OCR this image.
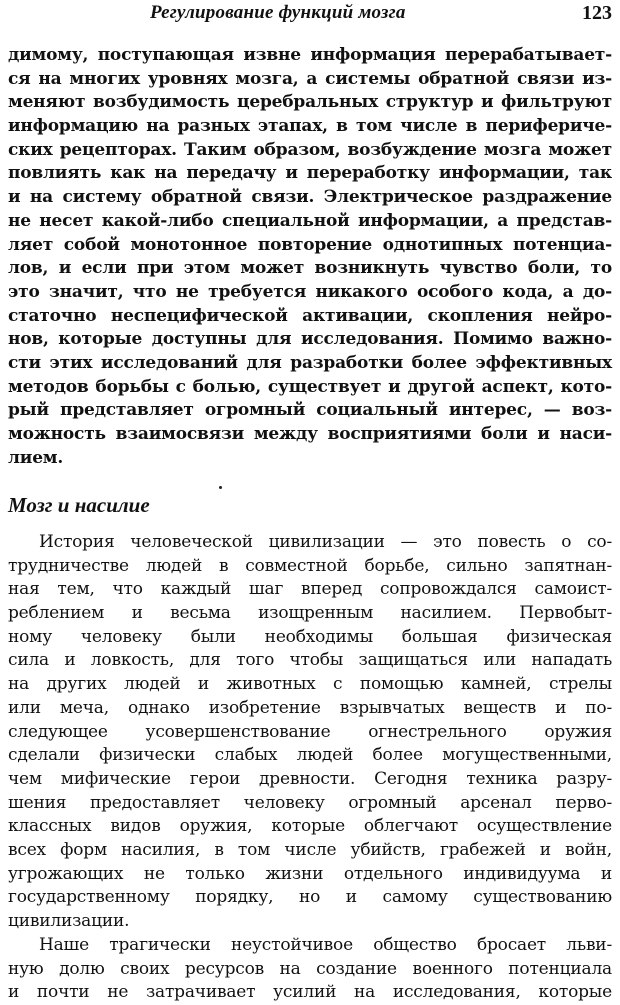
Регулирование функций мозга	123
димому, поступающая извне информация перерабатывает-
ся на многих уровнях мозга, а системы обратной связи из-
меняют возбудимость церебральных структур и фильтруют
информацию на разных этапах, в том числе в перифериче-
ских рецепторах. Таким образом, возбуждение мозга может
повлиять как на передачу и переработку информации, так
и на систему обратной связи. Электрическое раздражение
не несет какой-либо специальной информации, а представ-
ляет собой монотонное повторение однотипных потенциа-
лов, и если при этом может возникнуть чувство боли, то
это значит, что не требуется никакого особого кода, а до-
статочно неспецифической активации, скопления нейро-
нов, которые доступны для исследования. Помимо важно-
сти этих исследований для разработки более эффективных
методов борьбы с болью, существует и другой аспект, кото-
рый представляет огромный социальный интерес, — воз-
можность взаимосвязи между восприятиями боли и наси-
лием.
Мозг и насилие
История человеческой цивилизации — это повесть о со-
трудничестве людей в совместной борьбе, сильно запятнан-
ная тем, что каждый шаг вперед сопровождался самоист-
реблением и весьма изощренным насилием. Первобыт-
ному человеку были необходимы большая физическая
сила и ловкость, для того чтобы защищаться или нападать
на других людей и животных с помощью камней, стрелы
или меча, однако изобретение взрывчатых веществ и по-
следующее усовершенствование огнестрельного оружия
сделали физически слабых людей более могущественными,
чем мифические герои древности. Сегодня техника разру-
шения предоставляет человеку огромный арсенал перво-
классных видов оружия, которые облегчают осуществление
всех форм насилия, в том числе убийств, грабежей и войн,
угрожающих не только жизни отдельного индивидуума и
государственному порядку, но и самому существованию
цивилизации.
Наше трагически неустойчивое общество бросает льви-
ную долю своих ресурсов на создание военного потенциала
и почти не затрачивает усилий на исследования, которые
